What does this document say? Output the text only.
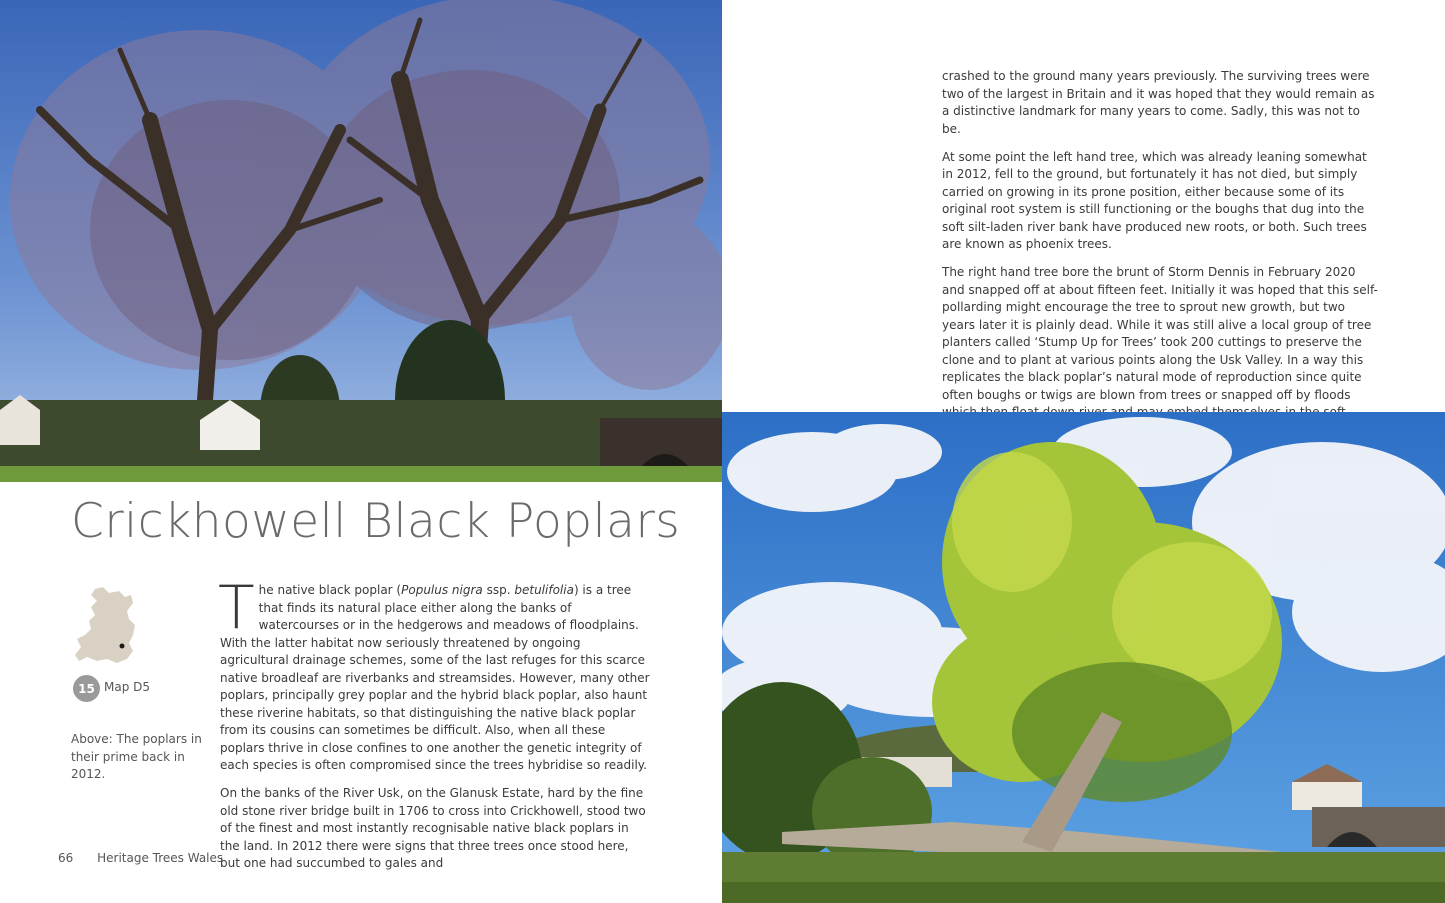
Crickhowell Black Poplars
15 Map D5
Above: The poplars in their prime back in 2012.

The native black poplar (Populus nigra ssp. betulifolia) is a tree that finds its natural place either along the banks of watercourses or in the hedgerows and meadows of floodplains. With the latter habitat now seriously threatened by ongoing agricultural drainage schemes, some of the last refuges for this scarce native broadleaf are riverbanks and streamsides. However, many other poplars, principally grey poplar and the hybrid black poplar, also haunt these riverine habitats, so that distinguishing the native black poplar from its cousins can sometimes be difficult. Also, when all these poplars thrive in close confines to one another the genetic integrity of each species is often compromised since the trees hybridise so readily.

On the banks of the River Usk, on the Glanusk Estate, hard by the fine old stone river bridge built in 1706 to cross into Crickhowell, stood two of the finest and most instantly recognisable native black poplars in the land. In 2012 there were signs that three trees once stood here, but one had succumbed to gales and

66 Heritage Trees Wales

crashed to the ground many years previously. The surviving trees were two of the largest in Britain and it was hoped that they would remain as a distinctive landmark for many years to come. Sadly, this was not to be.

At some point the left hand tree, which was already leaning somewhat in 2012, fell to the ground, but fortunately it has not died, but simply carried on growing in its prone position, either because some of its original root system is still functioning or the boughs that dug into the soft silt-laden river bank have produced new roots, or both. Such trees are known as phoenix trees.

The right hand tree bore the brunt of Storm Dennis in February 2020 and snapped off at about fifteen feet. Initially it was hoped that this self-pollarding might encourage the tree to sprout new growth, but two years later it is plainly dead. While it was still alive a local group of tree planters called ‘Stump Up for Trees’ took 200 cuttings to preserve the clone and to plant at various points along the Usk Valley. In a way this replicates the black poplar’s natural mode of reproduction since quite often boughs or twigs are blown from trees or snapped off by floods
